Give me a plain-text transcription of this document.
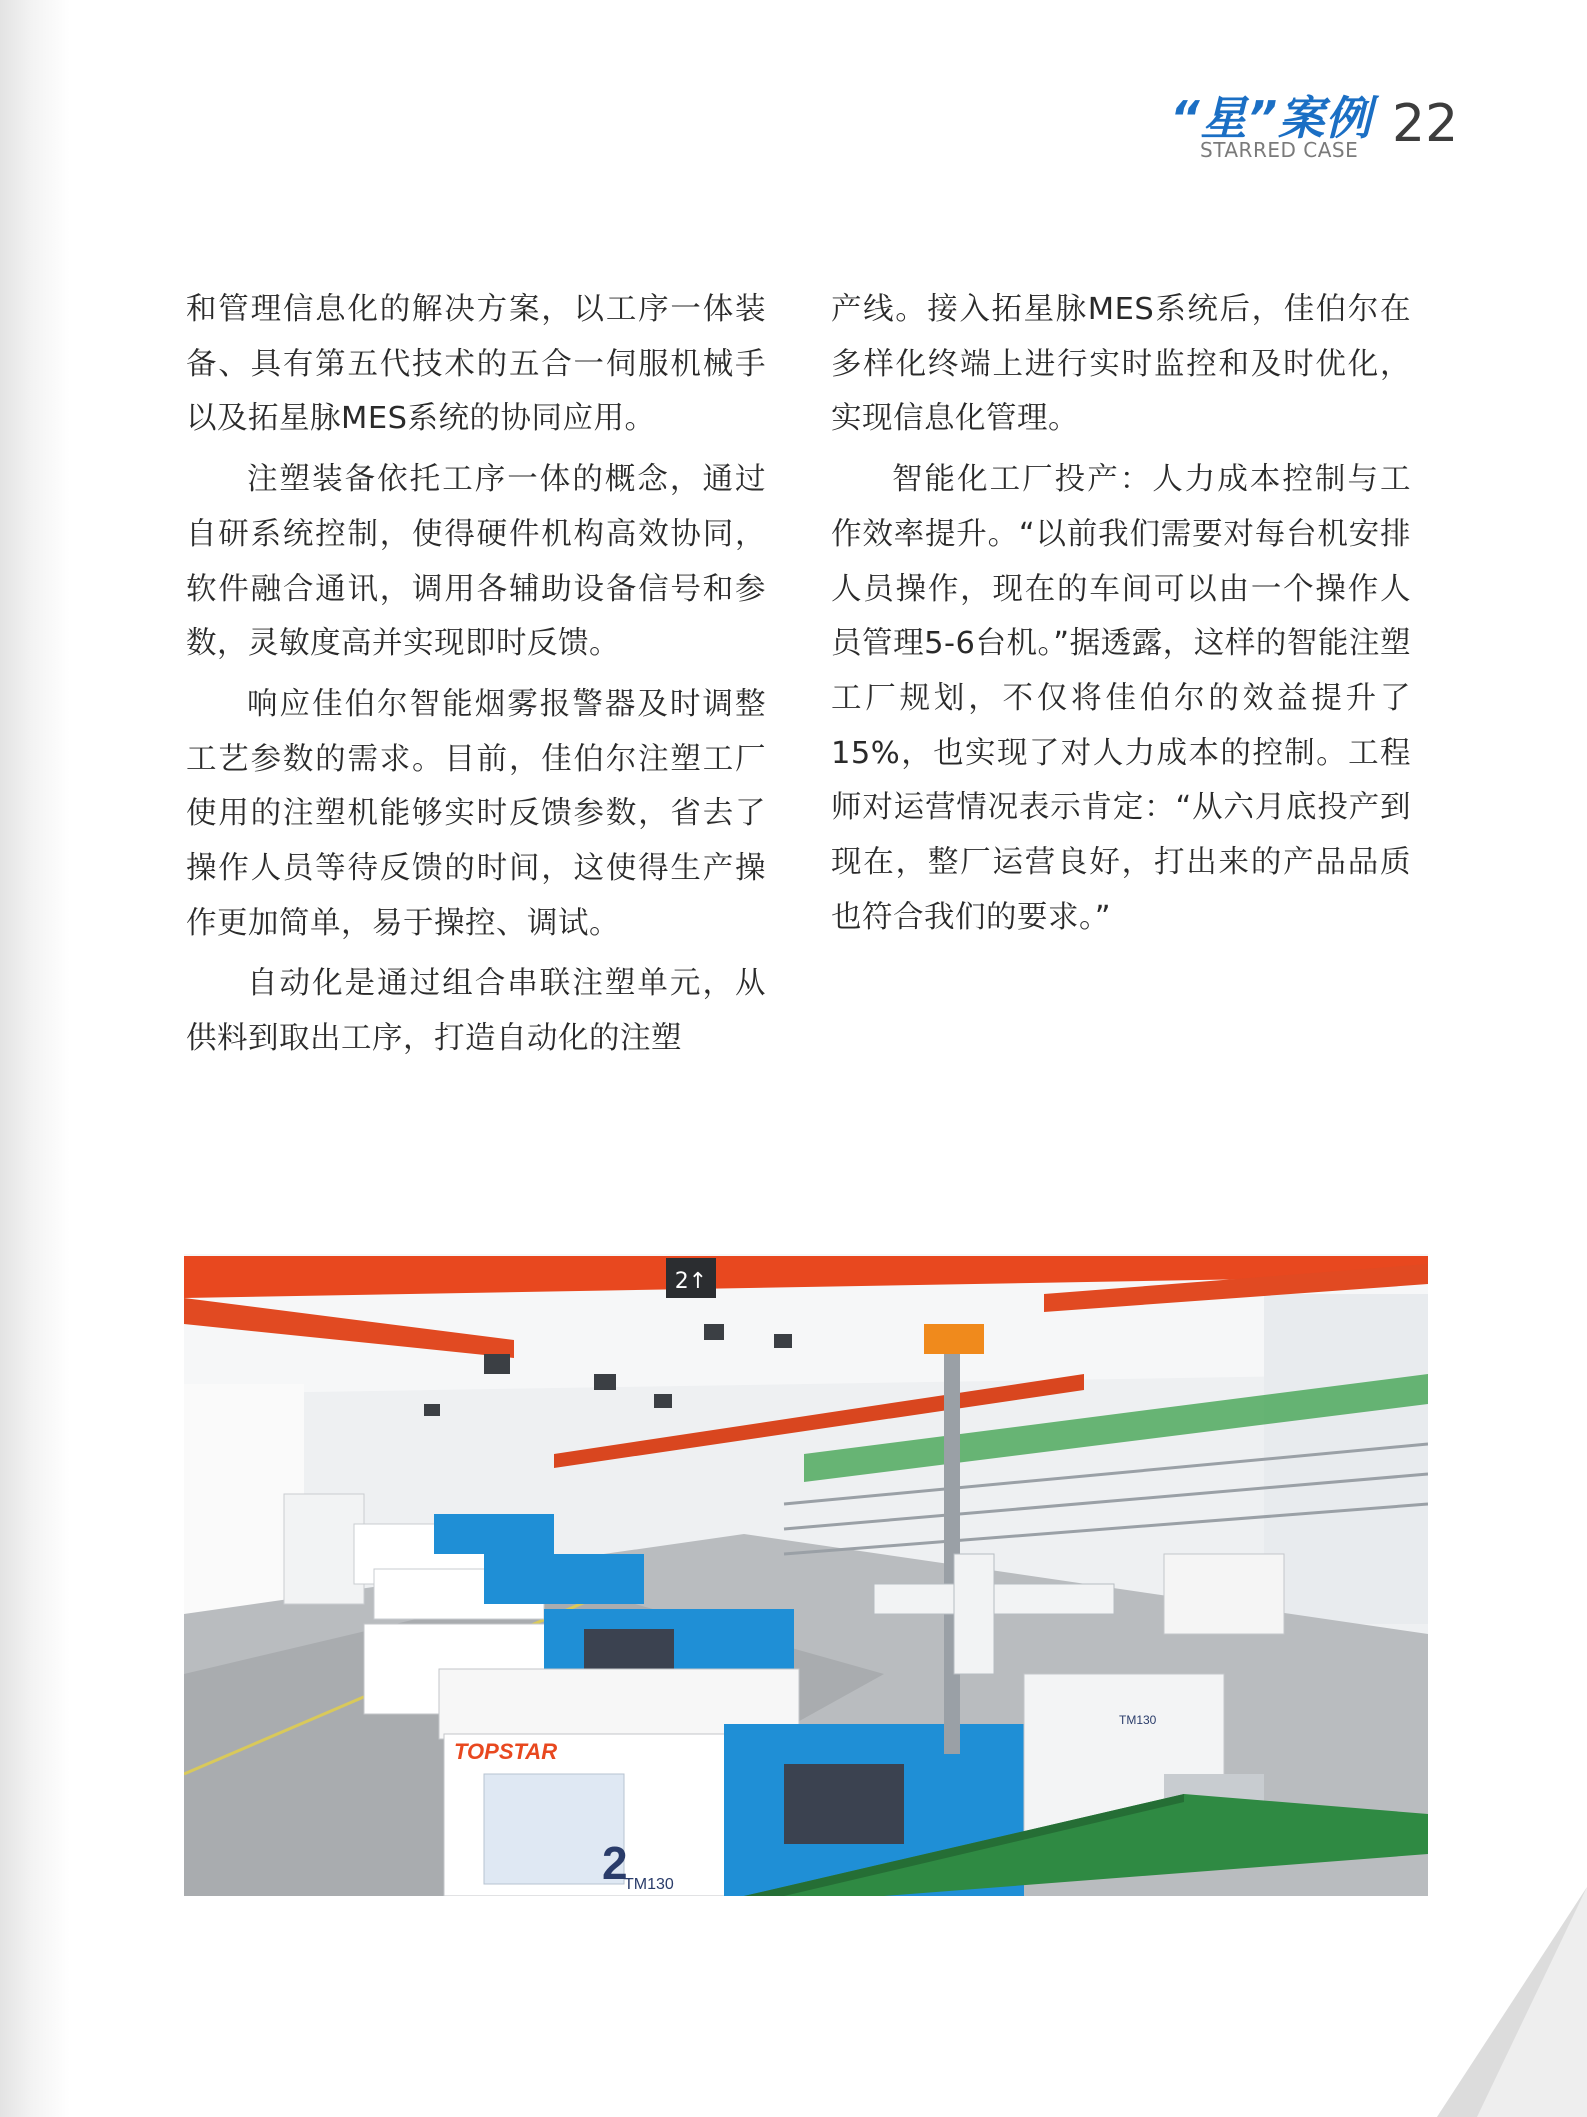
“星”案例
STARRED CASE 22

和管理信息化的解决方案，以工序一体装备、具有第五代技术的五合一伺服机械手以及拓星脉MES系统的协同应用。

注塑装备依托工序一体的概念，通过自研系统控制，使得硬件机构高效协同，软件融合通讯，调用各辅助设备信号和参数，灵敏度高并实现即时反馈。

响应佳伯尔智能烟雾报警器及时调整工艺参数的需求。目前，佳伯尔注塑工厂使用的注塑机能够实时反馈参数，省去了操作人员等待反馈的时间，这使得生产操作更加简单，易于操控、调试。

自动化是通过组合串联注塑单元，从供料到取出工序，打造自动化的注塑

产线。接入拓星脉MES系统后，佳伯尔在多样化终端上进行实时监控和及时优化，实现信息化管理。

智能化工厂投产：人力成本控制与工作效率提升。“以前我们需要对每台机安排人员操作，现在的车间可以由一个操作人员管理5-6台机。”据透露，这样的智能注塑工厂规划，不仅将佳伯尔的效益提升了15%，也实现了对人力成本的控制。工程师对运营情况表示肯定：“从六月底投产到现在，整厂运营良好，打出来的产品品质也符合我们的要求。”

2↑
TOPSTAR
2
TM130
TM130
